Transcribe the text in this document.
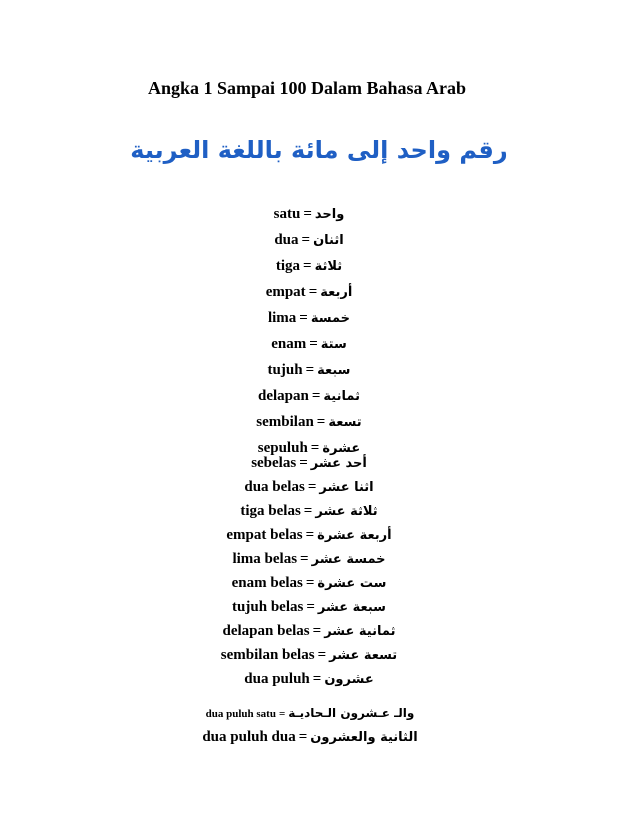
Angka 1 Sampai 100 Dalam Bahasa Arab
رقم واحد إلى مائة باللغة العربية
satu = واحد
dua = اثنان
tiga = ثلاثة
empat = أربعة
lima = خمسة
enam = ستة
tujuh = سبعة
delapan = ثمانية
sembilan = تسعة
sepuluh = عشرة
sebelas = أحد عشر
dua belas = اثنا عشر
tiga belas = ثلاثة عشر
empat belas = أربعة عشرة
lima belas = خمسة عشر
enam belas = ست عشرة
tujuh belas = سبعة عشر
delapan belas = ثمانية عشر
sembilan belas = تسعة عشر
dua puluh = عشرون
dua puluh satu = والـ عـشرون الـحاديـة
dua puluh dua = الثانية والعشرون
